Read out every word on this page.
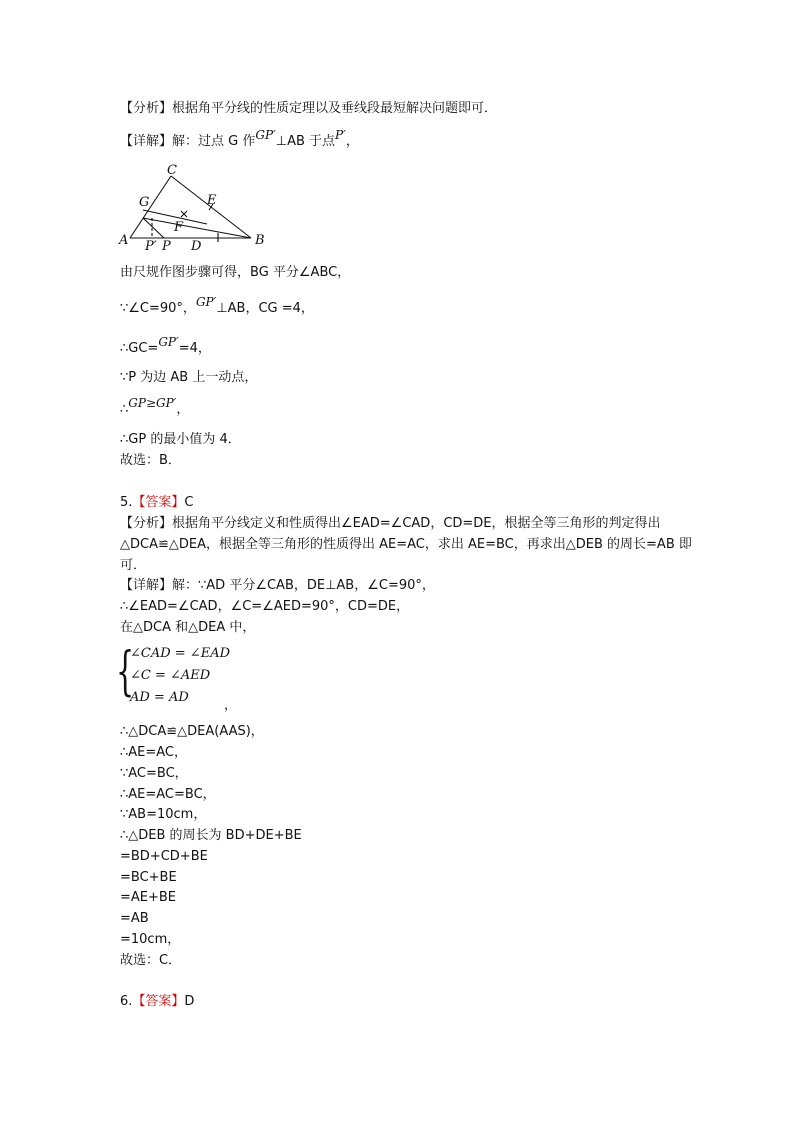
【分析】根据角平分线的性质定理以及垂线段最短解决问题即可．
【详解】解：过点 G 作GP′⊥AB 于点P′，
C
G	E
F
A P′ P D	B
由尺规作图步骤可得，BG 平分∠ABC，
∵∠C=90°，GP′⊥AB，CG =4，
∴GC=GP′=4，
∵P 为边 AB 上一动点，
∴GP≥GP′，
∴GP 的最小值为 4．
故选：B．
5.【答案】C
【分析】根据角平分线定义和性质得出∠EAD=∠CAD，CD=DE，根据全等三角形的判定得出
△DCA≌△DEA，根据全等三角形的性质得出 AE=AC，求出 AE=BC，再求出△DEB 的周长=AB 即
可．
【详解】解：∵AD 平分∠CAB，DE⊥AB，∠C=90°，
∴∠EAD=∠CAD，∠C=∠AED=90°，CD=DE，
在△DCA 和△DEA 中，
{
∠CAD = ∠EAD
∠C = ∠AED
AD = AD
，
∴△DCA≌△DEA(AAS)，
∴AE=AC，
∵AC=BC，
∴AE=AC=BC，
∵AB=10cm，
∴△DEB 的周长为 BD+DE+BE
=BD+CD+BE
=BC+BE
=AE+BE
=AB
=10cm，
故选：C．
6.【答案】D
